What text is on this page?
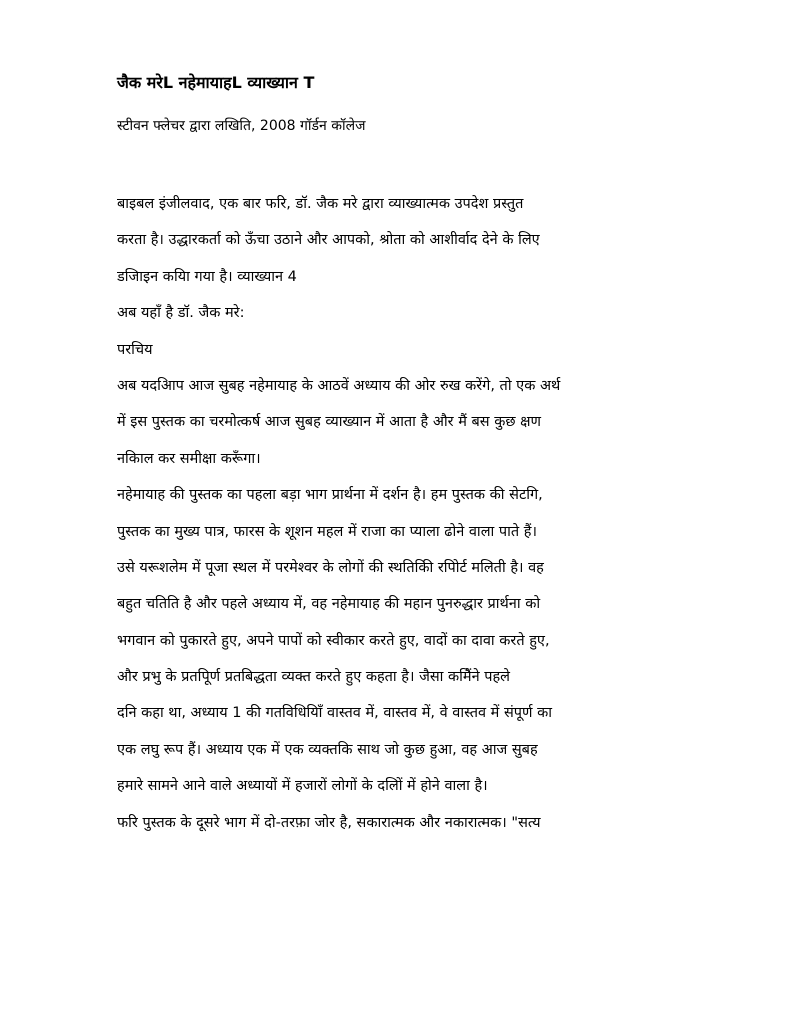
जैक मरेL नहेमायाहL व्याख्यान T
स्टीवन फ्लेचर द्वारा लखिति, 2008 गॉर्डन कॉलेज
बाइबल इंजीलवाद, एक बार फरि, डॉ. जैक मरे द्वारा व्याख्यात्मक उपदेश प्रस्तुत
करता है। उद्धारकर्ता को ऊँचा उठाने और आपको, श्रोता को आशीर्वाद देने के लिए
डजिाइन कयिा गया है। व्याख्यान 4
अब यहाँ है डॉ. जैक मरे:
परचिय
अब यदआिप आज सुबह नहेमायाह के आठवें अध्याय की ओर रुख करेंगे, तो एक अर्थ
में इस पुस्तक का चरमोत्कर्ष आज सुबह व्याख्यान में आता है और मैं बस कुछ क्षण
नकिाल कर समीक्षा करूँगा।
नहेमायाह की पुस्तक का पहला बड़ा भाग प्रार्थना में दर्शन है। हम पुस्तक की सेटगि,
पुस्तक का मुख्य पात्र, फारस के शूशन महल में राजा का प्याला ढोने वाला पाते हैं।
उसे यरूशलेम में पूजा स्थल में परमेश्वर के लोगों की स्थतिकिी रपिोर्ट मलिती है। वह
बहुत चतिति है और पहले अध्याय में, वह नहेमायाह की महान पुनरुद्धार प्रार्थना को
भगवान को पुकारते हुए, अपने पापों को स्वीकार करते हुए, वादों का दावा करते हुए,
और प्रभु के प्रतपिूर्ण प्रतबिद्धता व्यक्त करते हुए कहता है। जैसा कमिैंने पहले
दनि कहा था, अध्याय 1 की गतविधियिाँ वास्तव में, वास्तव में, वे वास्तव में संपूर्ण का
एक लघु रूप हैं। अध्याय एक में एक व्यक्तकि साथ जो कुछ हुआ, वह आज सुबह
हमारे सामने आने वाले अध्यायों में हजारों लोगों के दलिों में होने वाला है।
फरि पुस्तक के दूसरे भाग में दो-तरफ़ा जोर है, सकारात्मक और नकारात्मक। "सत्य
